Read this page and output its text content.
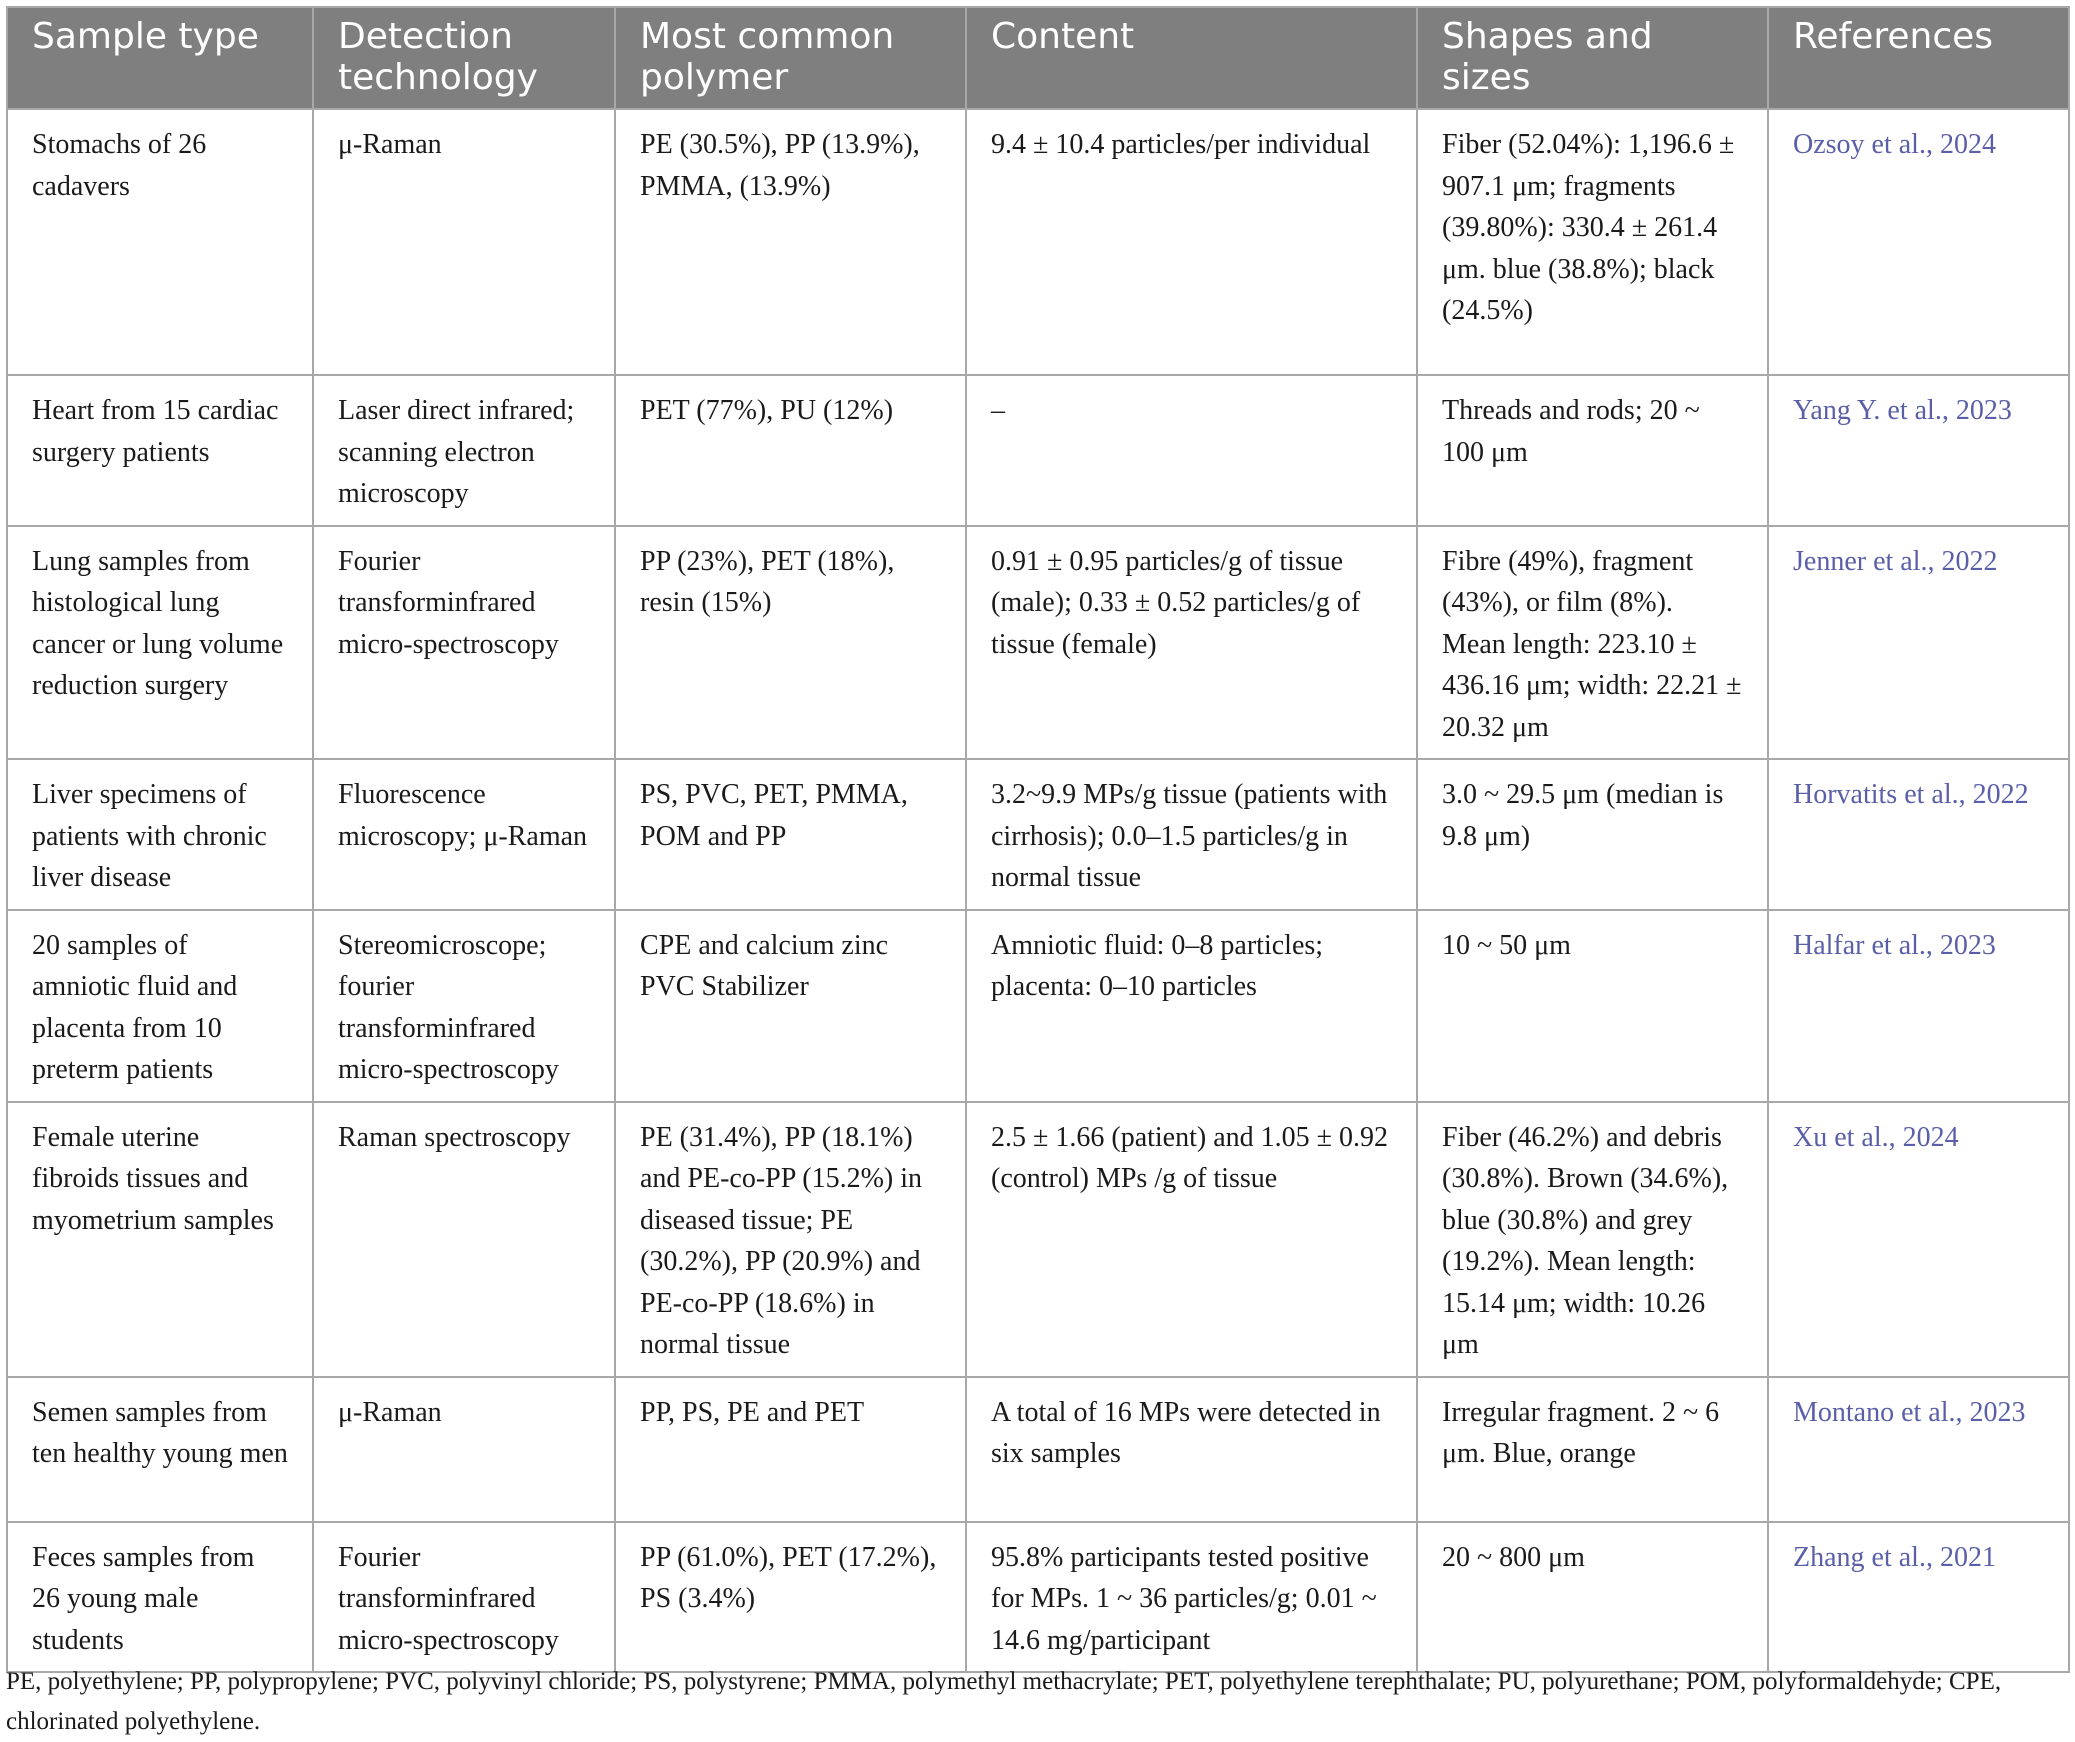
Sample type	Detection technology	Most common polymer	Content	Shapes and sizes	References
Stomachs of 26 cadavers	μ-Raman	PE (30.5%), PP (13.9%), PMMA, (13.9%)	9.4 ± 10.4 particles/per individual	Fiber (52.04%): 1,196.6 ± 907.1 μm; fragments (39.80%): 330.4 ± 261.4 μm. blue (38.8%); black (24.5%)	Ozsoy et al., 2024
Heart from 15 cardiac surgery patients	Laser direct infrared; scanning electron microscopy	PET (77%), PU (12%)	–	Threads and rods; 20 ~ 100 μm	Yang Y. et al., 2023
Lung samples from histological lung cancer or lung volume reduction surgery	Fourier transforminfrared micro-spectroscopy	PP (23%), PET (18%), resin (15%)	0.91 ± 0.95 particles/g of tissue (male); 0.33 ± 0.52 particles/g of tissue (female)	Fibre (49%), fragment (43%), or film (8%). Mean length: 223.10 ± 436.16 μm; width: 22.21 ± 20.32 μm	Jenner et al., 2022
Liver specimens of patients with chronic liver disease	Fluorescence microscopy; μ-Raman	PS, PVC, PET, PMMA, POM and PP	3.2~9.9 MPs/g tissue (patients with cirrhosis); 0.0–1.5 particles/g in normal tissue	3.0 ~ 29.5 μm (median is 9.8 μm)	Horvatits et al., 2022
20 samples of amniotic fluid and placenta from 10 preterm patients	Stereomicroscope; fourier transforminfrared micro-spectroscopy	CPE and calcium zinc PVC Stabilizer	Amniotic fluid: 0–8 particles; placenta: 0–10 particles	10 ~ 50 μm	Halfar et al., 2023
Female uterine fibroids tissues and myometrium samples	Raman spectroscopy	PE (31.4%), PP (18.1%) and PE-co-PP (15.2%) in diseased tissue; PE (30.2%), PP (20.9%) and PE-co-PP (18.6%) in normal tissue	2.5 ± 1.66 (patient) and 1.05 ± 0.92 (control) MPs /g of tissue	Fiber (46.2%) and debris (30.8%). Brown (34.6%), blue (30.8%) and grey (19.2%). Mean length: 15.14 μm; width: 10.26 μm	Xu et al., 2024
Semen samples from ten healthy young men	μ-Raman	PP, PS, PE and PET	A total of 16 MPs were detected in six samples	Irregular fragment. 2 ~ 6 μm. Blue, orange	Montano et al., 2023
Feces samples from 26 young male students	Fourier transforminfrared micro-spectroscopy	PP (61.0%), PET (17.2%), PS (3.4%)	95.8% participants tested positive for MPs. 1 ~ 36 particles/g; 0.01 ~ 14.6 mg/participant	20 ~ 800 μm	Zhang et al., 2021
PE, polyethylene; PP, polypropylene; PVC, polyvinyl chloride; PS, polystyrene; PMMA, polymethyl methacrylate; PET, polyethylene terephthalate; PU, polyurethane; POM, polyformaldehyde; CPE, chlorinated polyethylene.
